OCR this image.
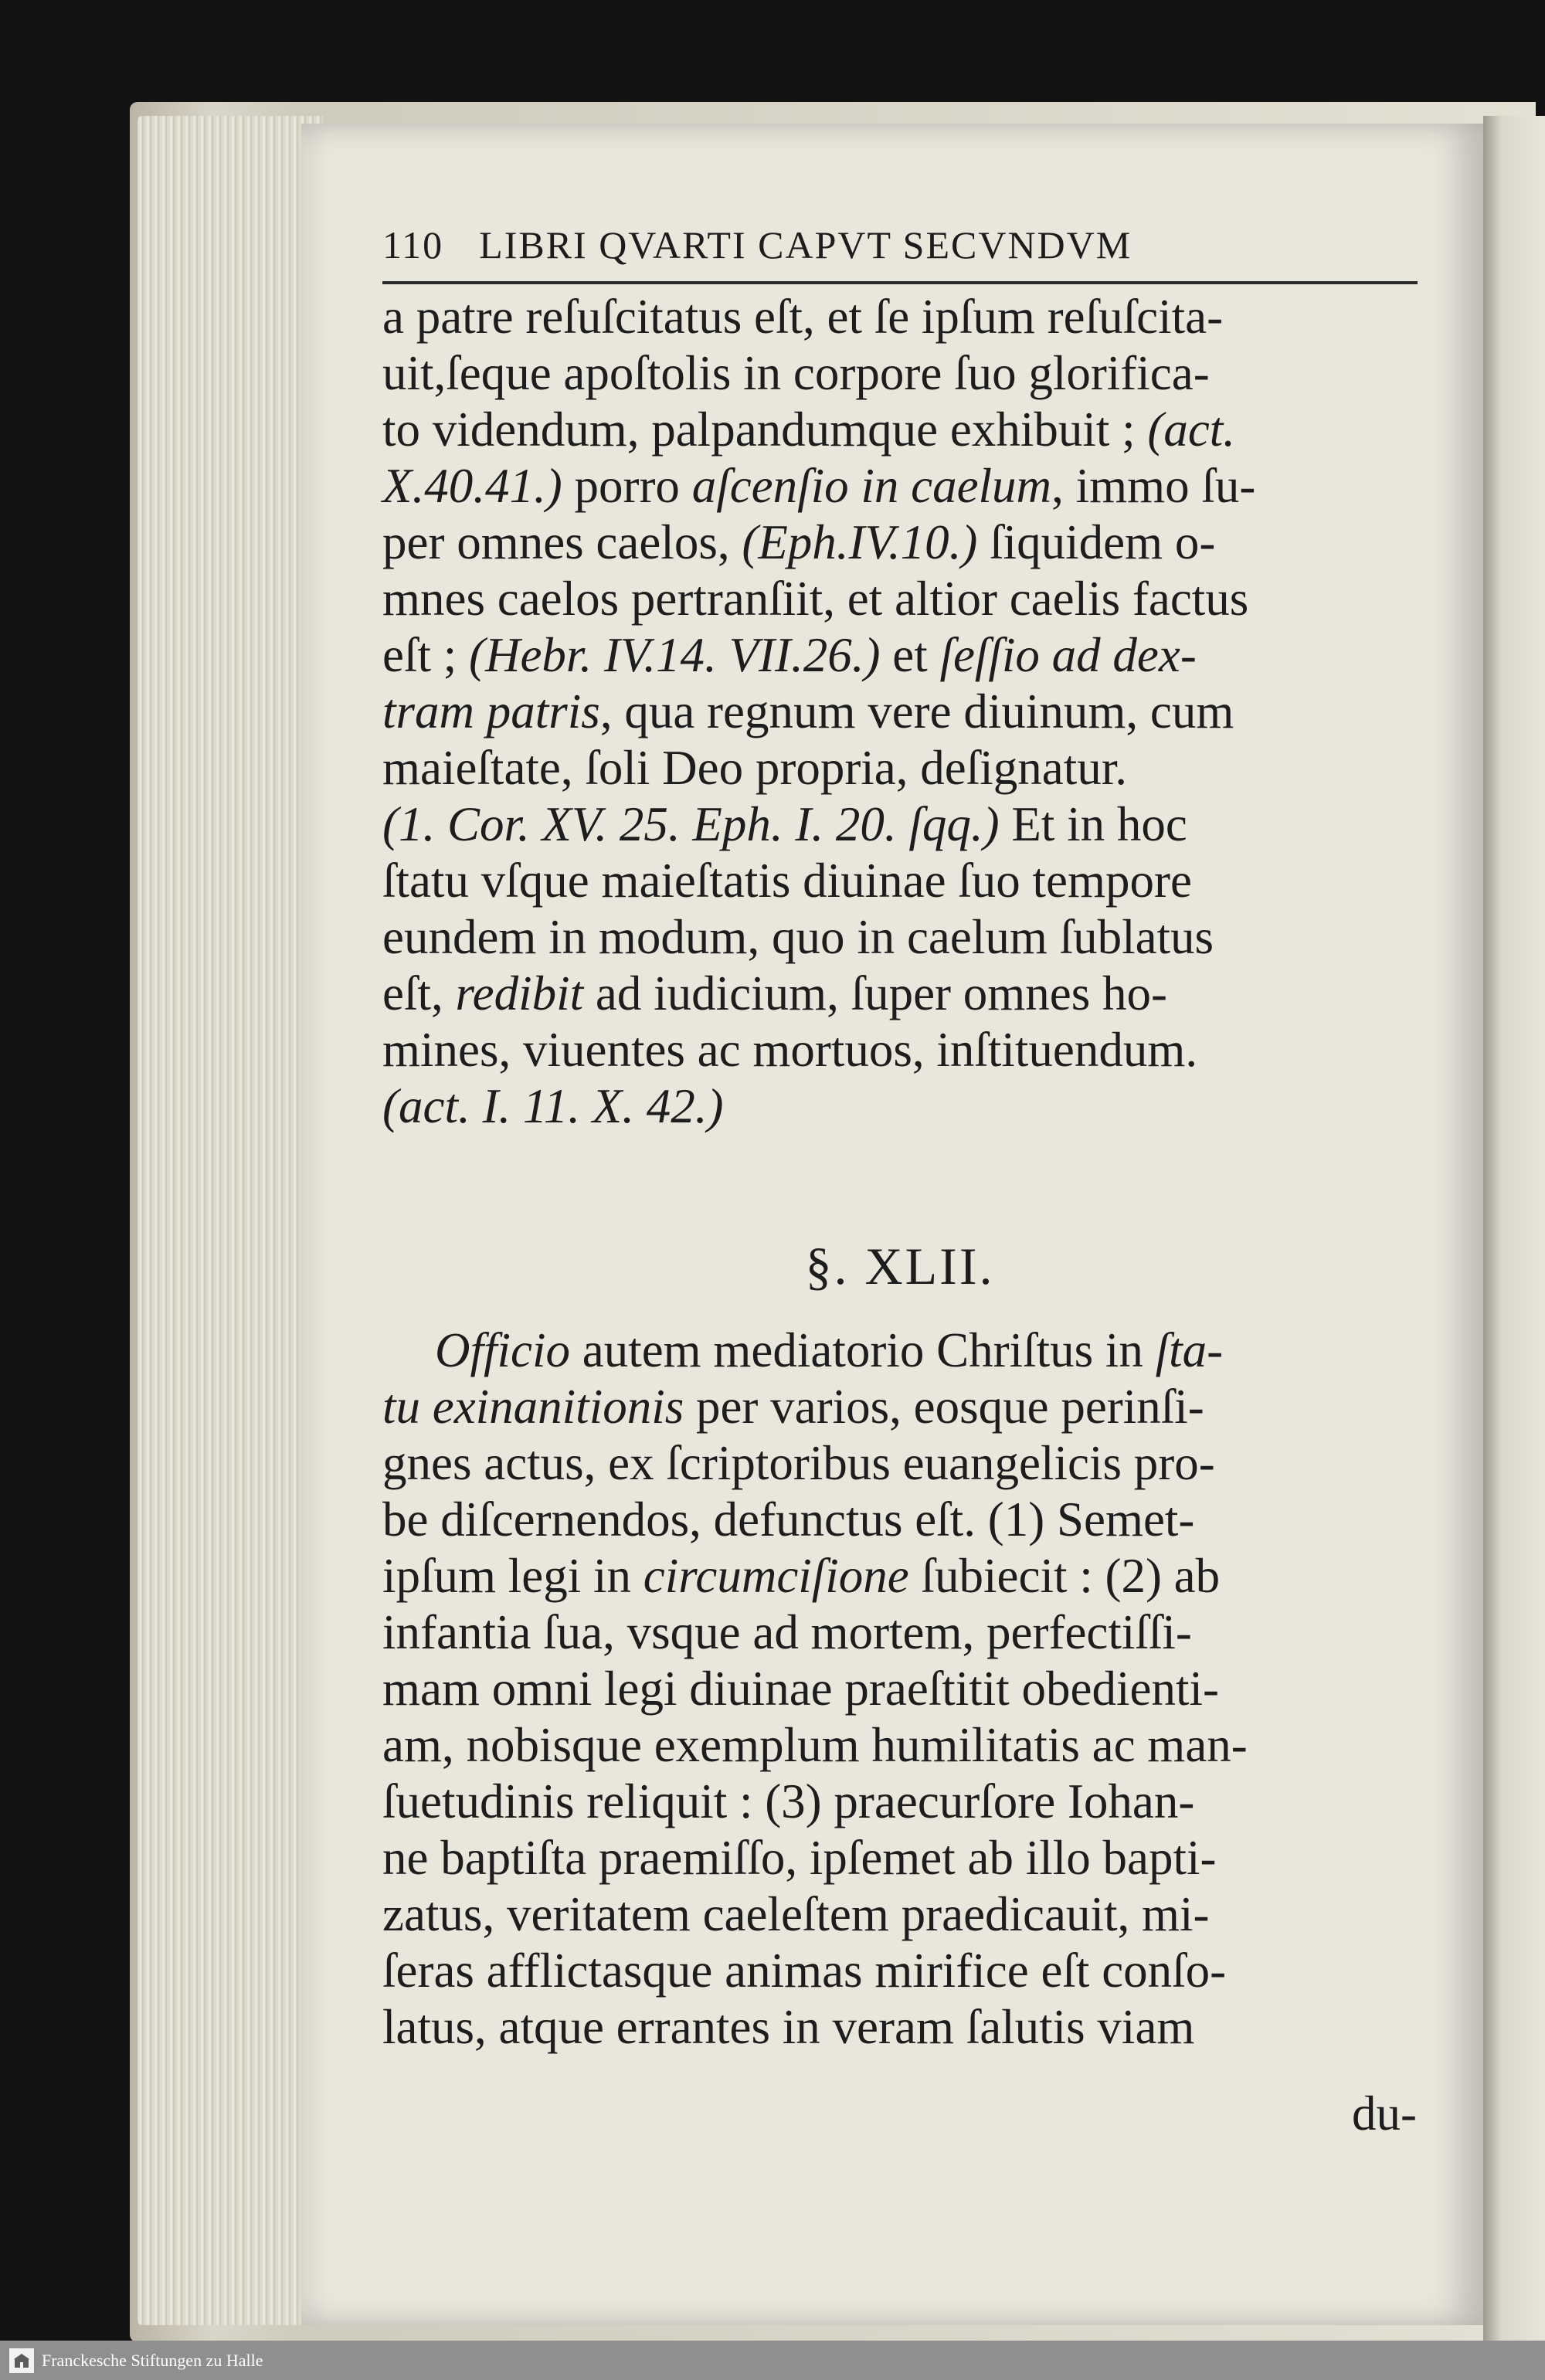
110 LIBRI QVARTI CAPVT SECVNDVM
a patre reſuſcitatus eſt, et ſe ipſum reſuſcita-
uit,ſeque apoſtolis in corpore ſuo glorifica-
to videndum, palpandumque exhibuit ; (act.
X.40.41.) porro aſcenſio in caelum, immo ſu-
per omnes caelos, (Eph.IV.10.) ſiquidem o-
mnes caelos pertranſiit, et altior caelis factus
eſt ; (Hebr. IV.14. VII.26.) et ſeſſio ad dex-
tram patris, qua regnum vere diuinum, cum
maieſtate, ſoli Deo propria, deſignatur.
(1. Cor. XV. 25. Eph. I. 20. ſqq.) Et in hoc
ſtatu vſque maieſtatis diuinae ſuo tempore
eundem in modum, quo in caelum ſublatus
eſt, redibit ad iudicium, ſuper omnes ho-
mines, viuentes ac mortuos, inſtituendum.
(act. I. 11. X. 42.)
§. XLII.
Officio autem mediatorio Chriſtus in ſta-
tu exinanitionis per varios, eosque perinſi-
gnes actus, ex ſcriptoribus euangelicis pro-
be diſcernendos, defunctus eſt. (1) Semet-
ipſum legi in circumciſione ſubiecit : (2) ab
infantia ſua, vsque ad mortem, perfectiſſi-
mam omni legi diuinae praeſtitit obedienti-
am, nobisque exemplum humilitatis ac man-
ſuetudinis reliquit : (3) praecurſore Iohan-
ne baptiſta praemiſſo, ipſemet ab illo bapti-
zatus, veritatem caeleſtem praedicauit, mi-
ſeras afflictasque animas mirifice eſt conſo-
latus, atque errantes in veram ſalutis viam
du-
Franckesche Stiftungen zu Halle
